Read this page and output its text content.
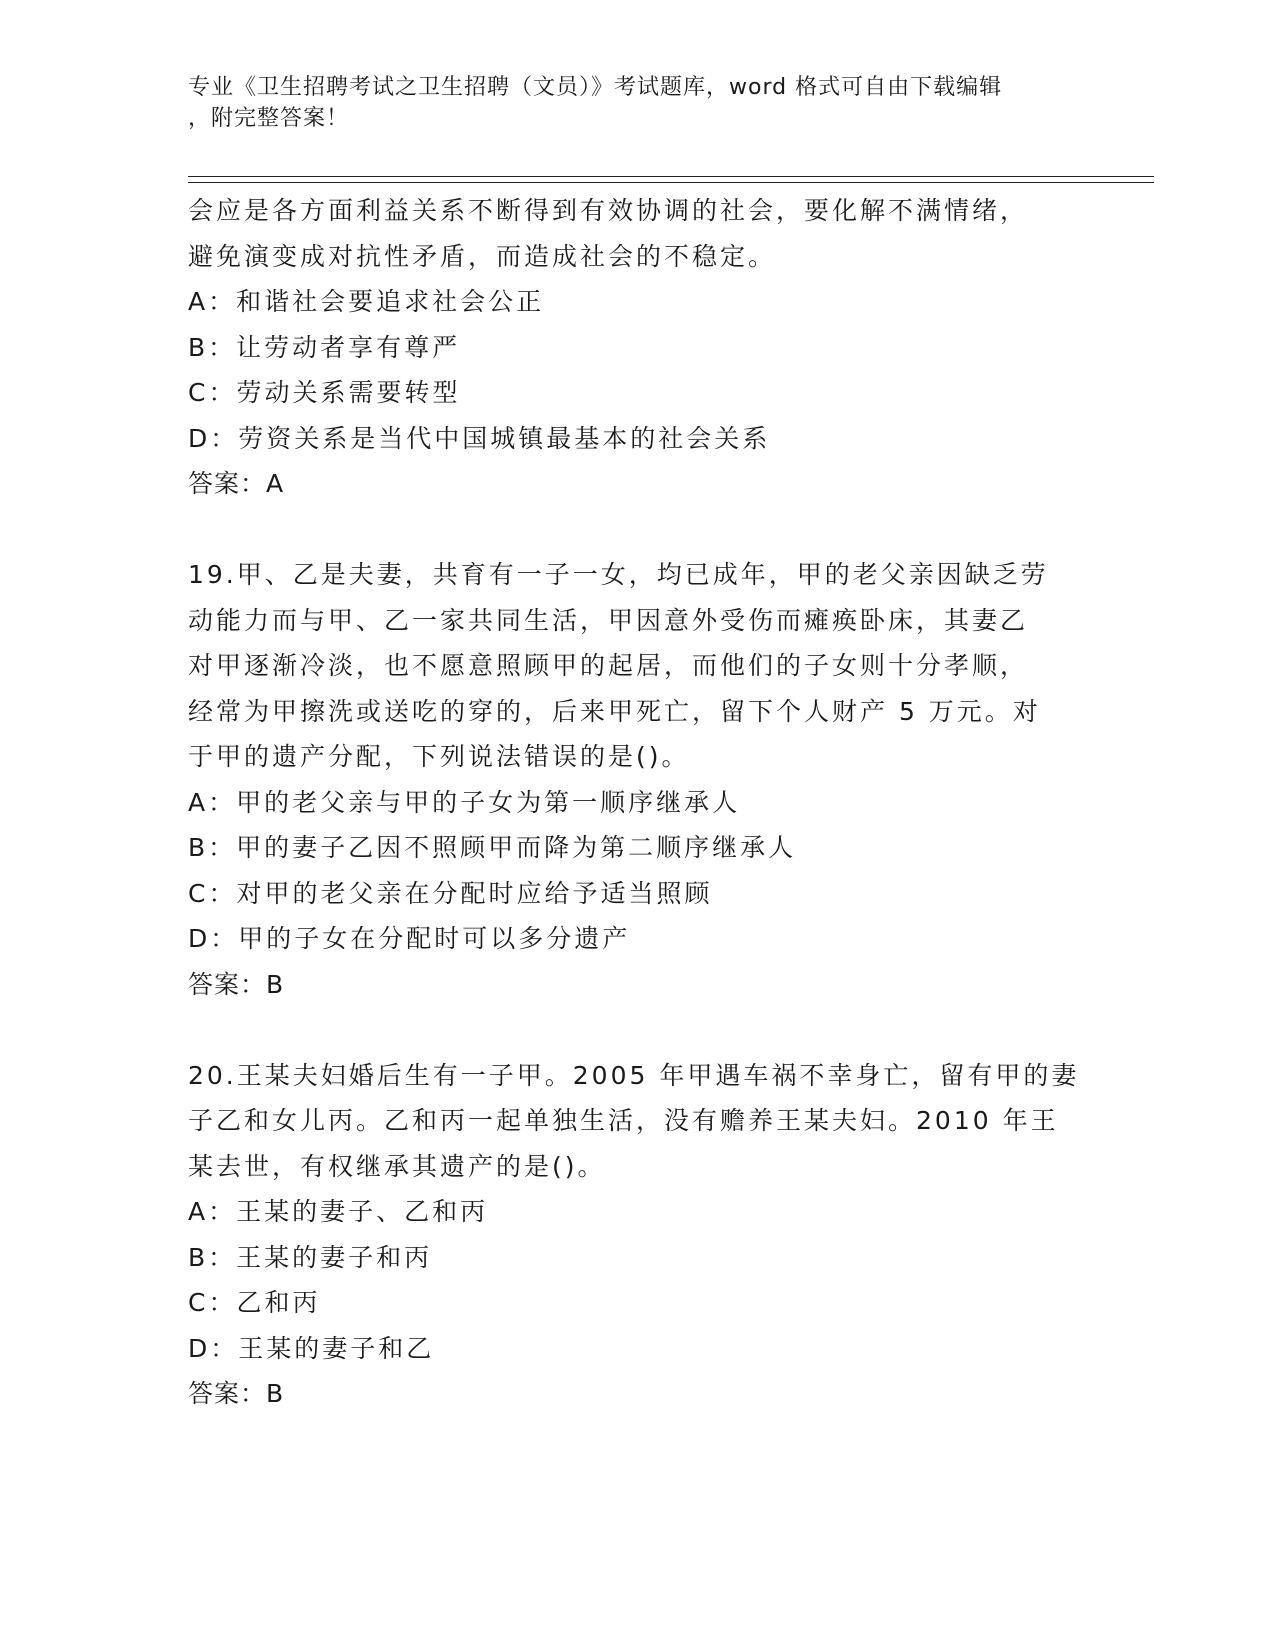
专业《卫生招聘考试之卫生招聘（文员）》考试题库，word 格式可自由下载编辑
，附完整答案！
会应是各方面利益关系不断得到有效协调的社会，要化解不满情绪，
避免演变成对抗性矛盾，而造成社会的不稳定。
A：和谐社会要追求社会公正
B：让劳动者享有尊严
C：劳动关系需要转型
D：劳资关系是当代中国城镇最基本的社会关系
答案：A
19.甲、乙是夫妻，共育有一子一女，均已成年，甲的老父亲因缺乏劳
动能力而与甲、乙一家共同生活，甲因意外受伤而瘫痪卧床，其妻乙
对甲逐渐冷淡，也不愿意照顾甲的起居，而他们的子女则十分孝顺，
经常为甲擦洗或送吃的穿的，后来甲死亡，留下个人财产 5 万元。对
于甲的遗产分配，下列说法错误的是()。
A：甲的老父亲与甲的子女为第一顺序继承人
B：甲的妻子乙因不照顾甲而降为第二顺序继承人
C：对甲的老父亲在分配时应给予适当照顾
D：甲的子女在分配时可以多分遗产
答案：B
20.王某夫妇婚后生有一子甲。2005 年甲遇车祸不幸身亡，留有甲的妻
子乙和女儿丙。乙和丙一起单独生活，没有赡养王某夫妇。2010 年王
某去世，有权继承其遗产的是()。
A：王某的妻子、乙和丙
B：王某的妻子和丙
C：乙和丙
D：王某的妻子和乙
答案：B
